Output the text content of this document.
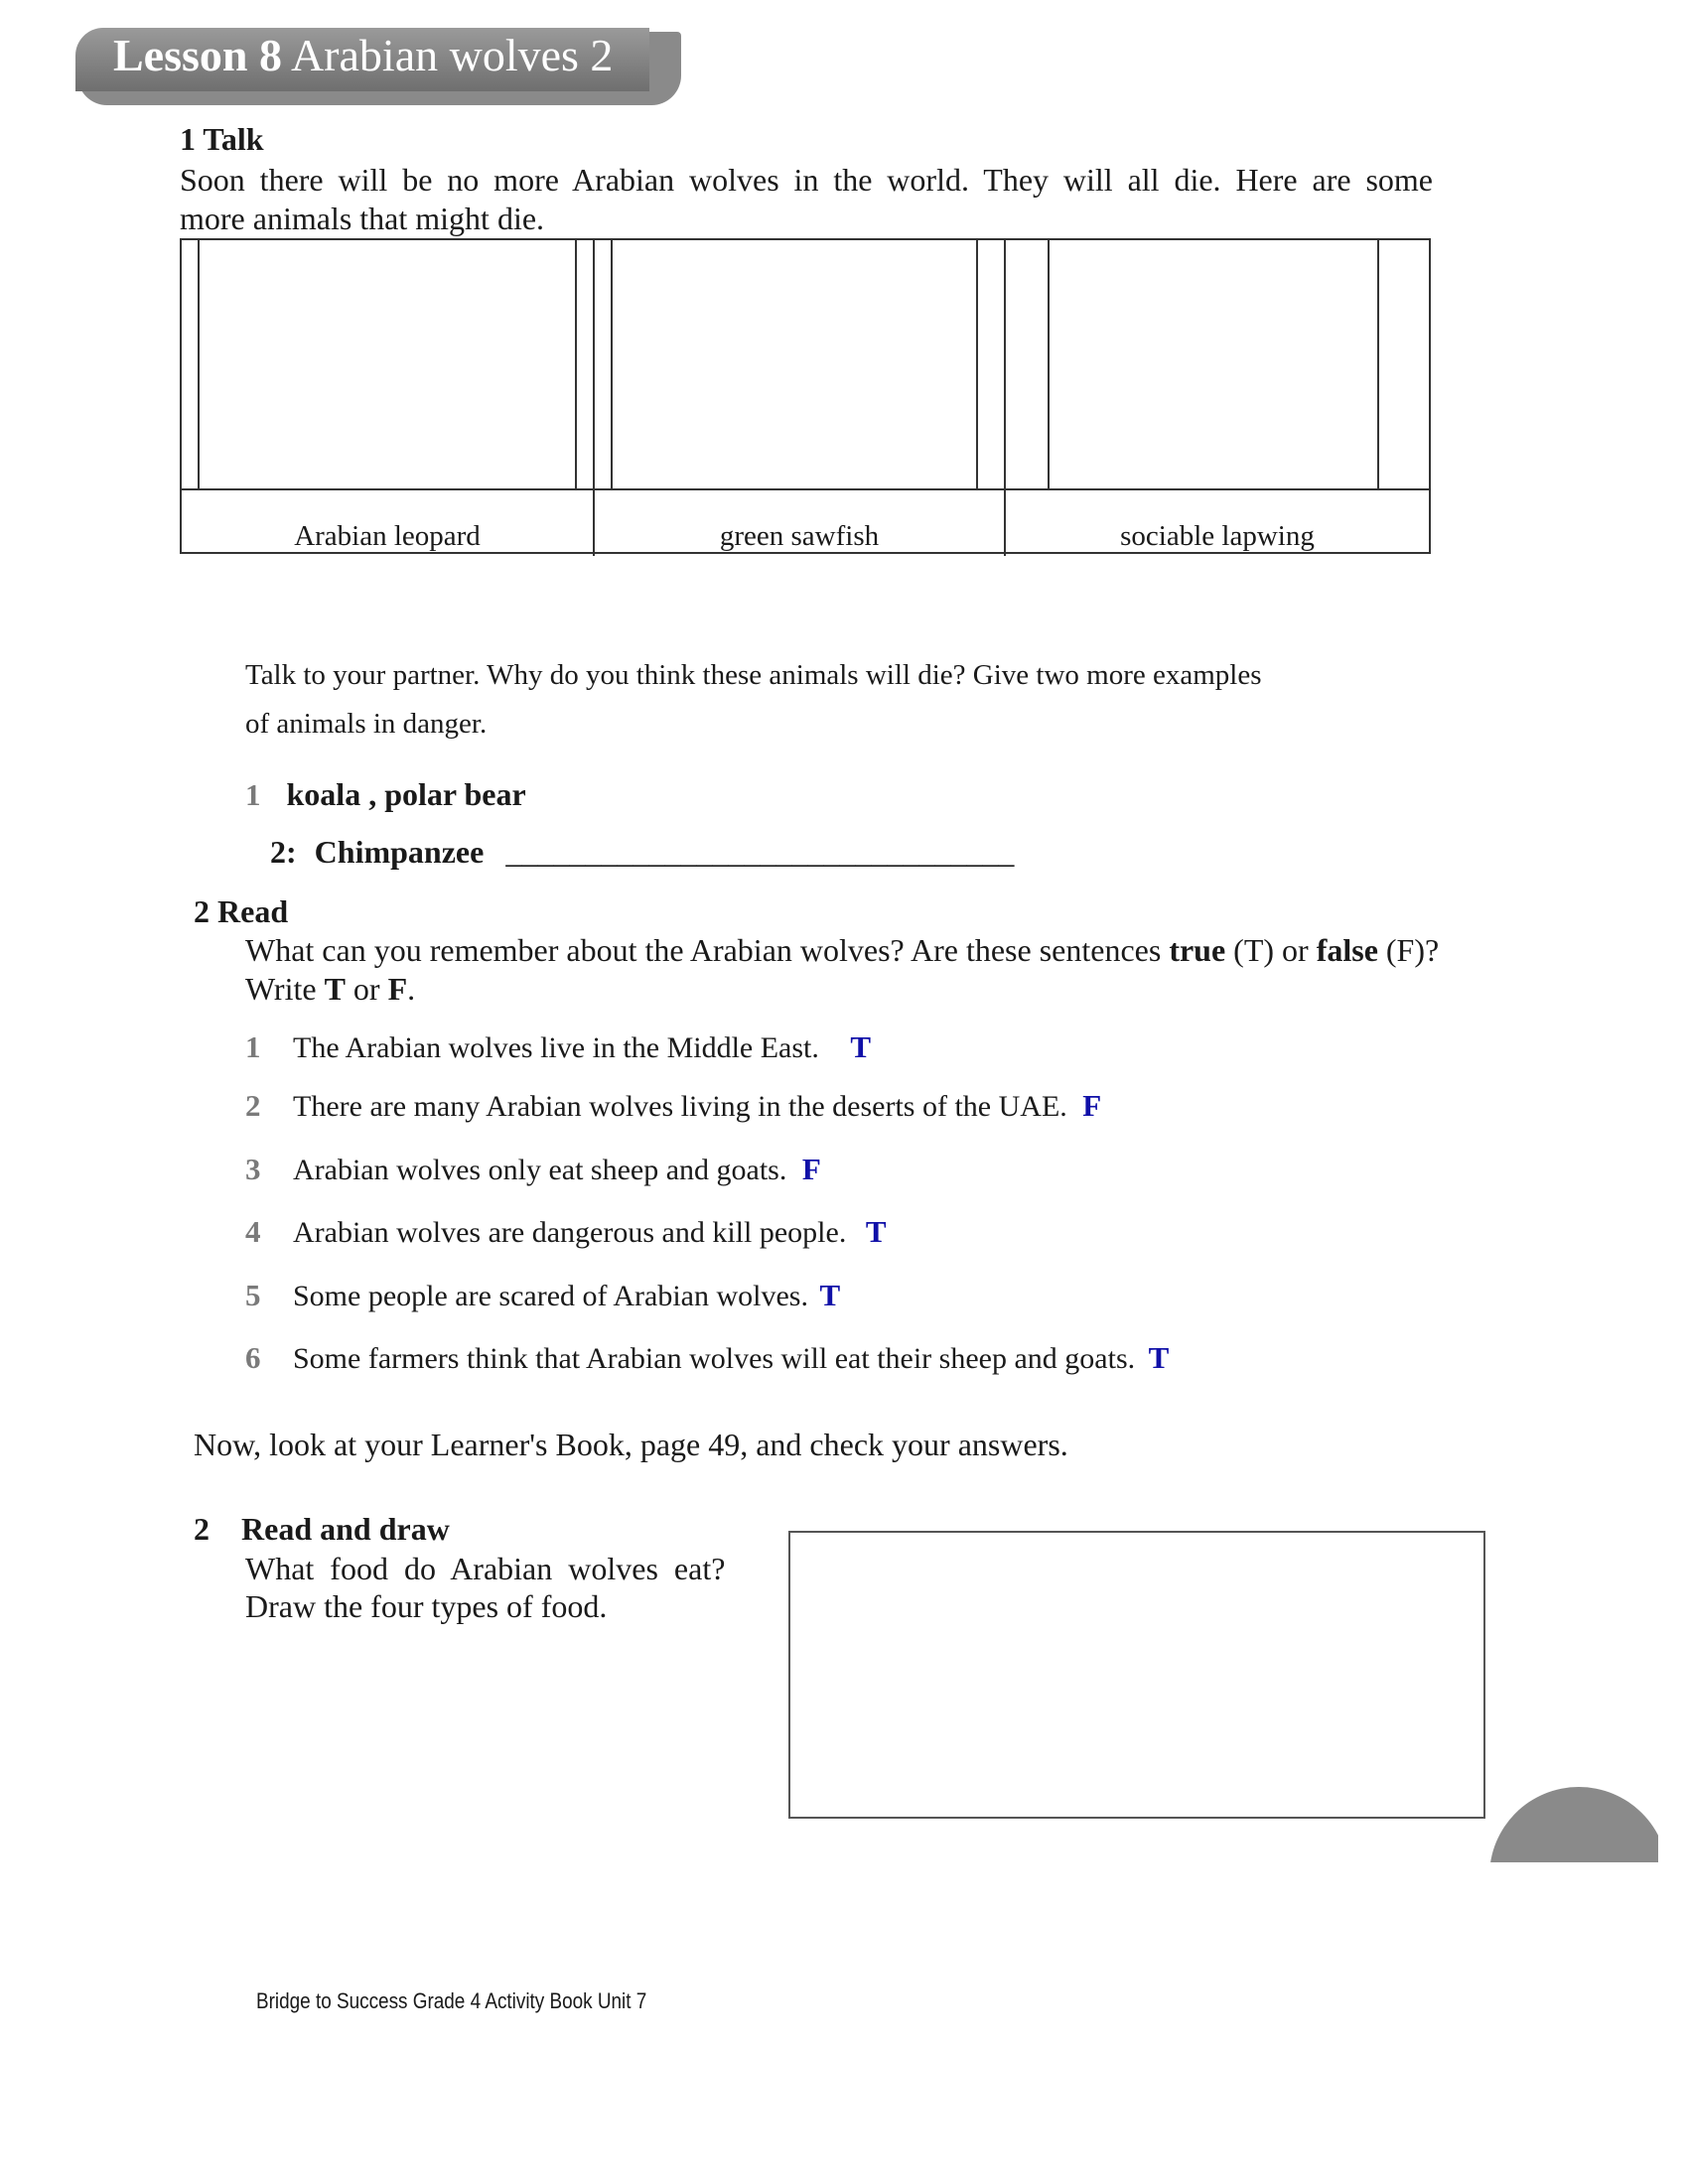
Lesson 8 Arabian wolves 2
1 Talk
Soon there will be no more Arabian wolves in the world. They will all die. Here are some
more animals that might die.
Arabian leopard	green sawfish	sociable lapwing
Talk to your partner. Why do you think these animals will die? Give two more examples
of animals in danger.
1 koala , polar bear
2: Chimpanzee ________________________________
2 Read
What can you remember about the Arabian wolves? Are these sentences true (T) or false (F)?
Write T or F.
1 The Arabian wolves live in the Middle East. T
2 There are many Arabian wolves living in the deserts of the UAE. F
3 Arabian wolves only eat sheep and goats. F
4 Arabian wolves are dangerous and kill people. T
5 Some people are scared of Arabian wolves. T
6 Some farmers think that Arabian wolves will eat their sheep and goats. T
Now, look at your Learner's Book, page 49, and check your answers.
2 Read and draw
What  food  do  Arabian  wolves  eat?
Draw the four types of food.
Bridge to Success Grade 4 Activity Book Unit 7
